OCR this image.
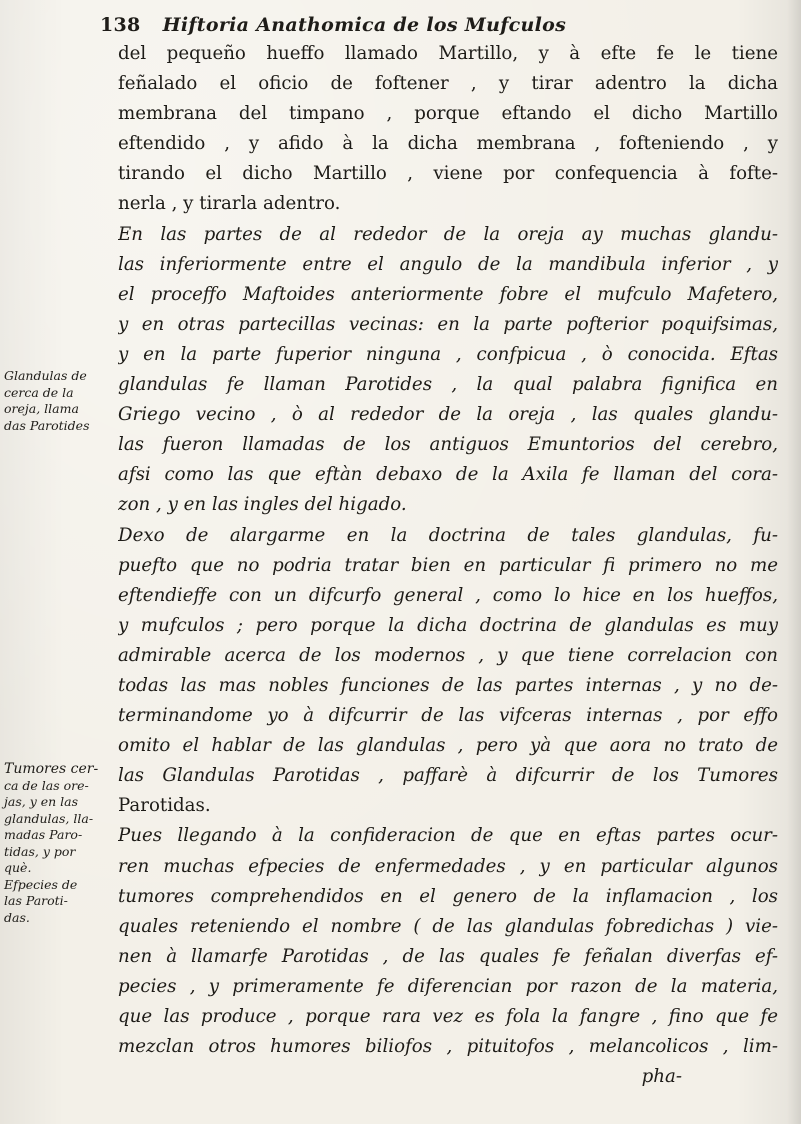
138 Hiftoria Anathomica de los Mufculos
del pequeño hueffo llamado Martillo, y à efte fe le tiene
feñalado el oficio de foftener , y tirar adentro la dicha
membrana del timpano , porque eftando el dicho Martillo
eftendido , y afido à la dicha membrana , fofteniendo , y
tirando el dicho Martillo , viene por confequencia à fofte-
nerla , y tirarla adentro.
En las partes de al rededor de la oreja ay muchas glandu-
las inferiormente entre el angulo de la mandibula inferior , y
el proceffo Maftoides anteriormente fobre el mufculo Mafetero,
y en otras partecillas vecinas: en la parte pofterior poquifsimas,
y en la parte fuperior ninguna , confpicua , ò conocida. Eftas
glandulas fe llaman Parotides , la qual palabra fignifica en
Griego vecino , ò al rededor de la oreja , las quales glandu-
las fueron llamadas de los antiguos Emuntorios del cerebro,
afsi como las que eftàn debaxo de la Axila fe llaman del cora-
zon , y en las ingles del higado.
Dexo de alargarme en la doctrina de tales glandulas, fu-
puefto que no podria tratar bien en particular fi primero no me
eftendieffe con un difcurfo general , como lo hice en los hueffos,
y mufculos ; pero porque la dicha doctrina de glandulas es muy
admirable acerca de los modernos , y que tiene correlacion con
todas las mas nobles funciones de las partes internas , y no de-
terminandome yo à difcurrir de las vifceras internas , por effo
omito el hablar de las glandulas , pero yà que aora no trato de
las Glandulas Parotidas , paffarè à difcurrir de los Tumores
Parotidas.
Pues llegando à la confideracion de que en eftas partes ocur-
ren muchas efpecies de enfermedades , y en particular algunos
tumores comprehendidos en el genero de la inflamacion , los
quales reteniendo el nombre ( de las glandulas fobredichas ) vie-
nen à llamarfe Parotidas , de las quales fe feñalan diverfas ef-
pecies , y primeramente fe diferencian por razon de la materia,
que las produce , porque rara vez es fola la fangre , fino que fe
mezclan otros humores biliofos , pituitofos , melancolicos , lim-
pha-
Glandulas de
cerca de la
oreja, llama
das Parotides
Tumores cer-
ca de las ore-
jas, y en las
glandulas, lla-
madas Paro-
tidas, y por
què.
Efpecies de
las Paroti-
das.
